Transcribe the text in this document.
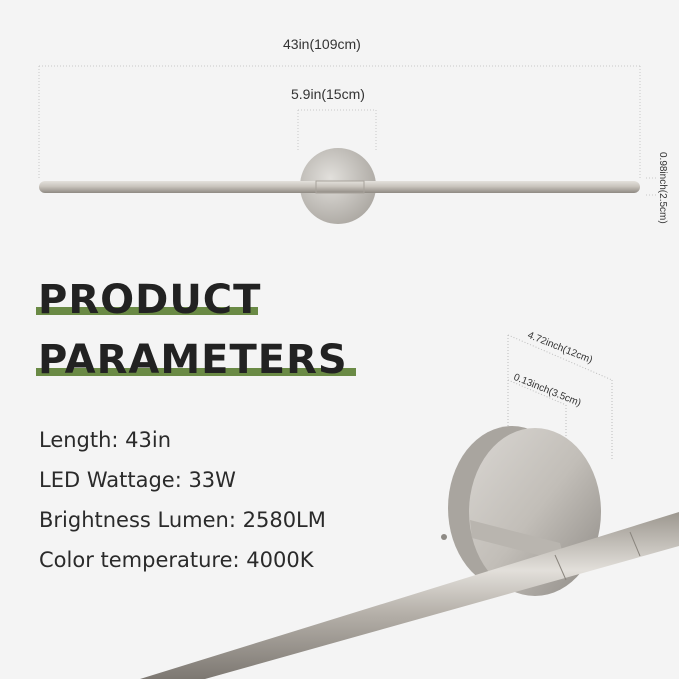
43in(109cm)
5.9in(15cm)
0.98inch(2.5cm)
4.72inch(12cm)
0.13inch(3.5cm)
PRODUCT
PARAMETERS
Length: 43in
LED Wattage: 33W
Brightness Lumen: 2580LM
Color temperature: 4000K
